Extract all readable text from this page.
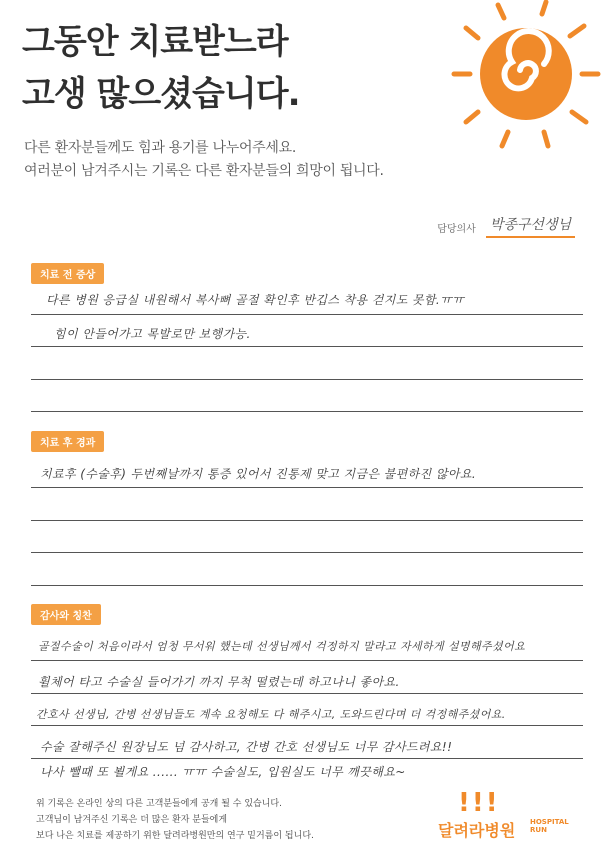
그동안 치료받느라
고생 많으셨습니다.
다른 환자분들께도 힘과 용기를 나누어주세요.
여러분이 남겨주시는 기록은 다른 환자분들의 희망이 됩니다.
담당의사 박종구선생님
치료 전 증상
다른 병원 응급실 내원해서 복사뼈 골절 확인후 반깁스 착용 걷지도 못함.ㅠㅠ
힘이 안들어가고 목발로만 보행가능.
치료 후 경과
치료후 (수술후) 두번째날까지 통증 있어서 진통제 맞고 지금은 불편하진 않아요.
감사와 칭찬
골절수술이 처음이라서 엄청 무서워 했는데 선생님께서 걱정하지 말라고 자세하게 설명해주셨어요
휠체어 타고 수술실 들어가기 까지 무척 떨렸는데 하고나니 좋아요.
간호사 선생님, 간병 선생님들도 계속 요청해도 다 해주시고, 도와드린다며 더 걱정해주셨어요.
수술 잘해주신 원장님도 넘 감사하고, 간병 간호 선생님도 너무 감사드려요!!
나사 뺄때 또 뵐게요 ...... ㅠㅠ 수술실도, 입원실도 너무 깨끗해요~
위 기록은 온라인 상의 다른 고객분들에게 공개 될 수 있습니다.
고객님이 남겨주신 기록은 더 많은 환자 분들에게
보다 나은 치료를 제공하기 위한 달려라병원만의 연구 밑거름이 됩니다.
!!!
달려라병원 HOSPITAL RUN
